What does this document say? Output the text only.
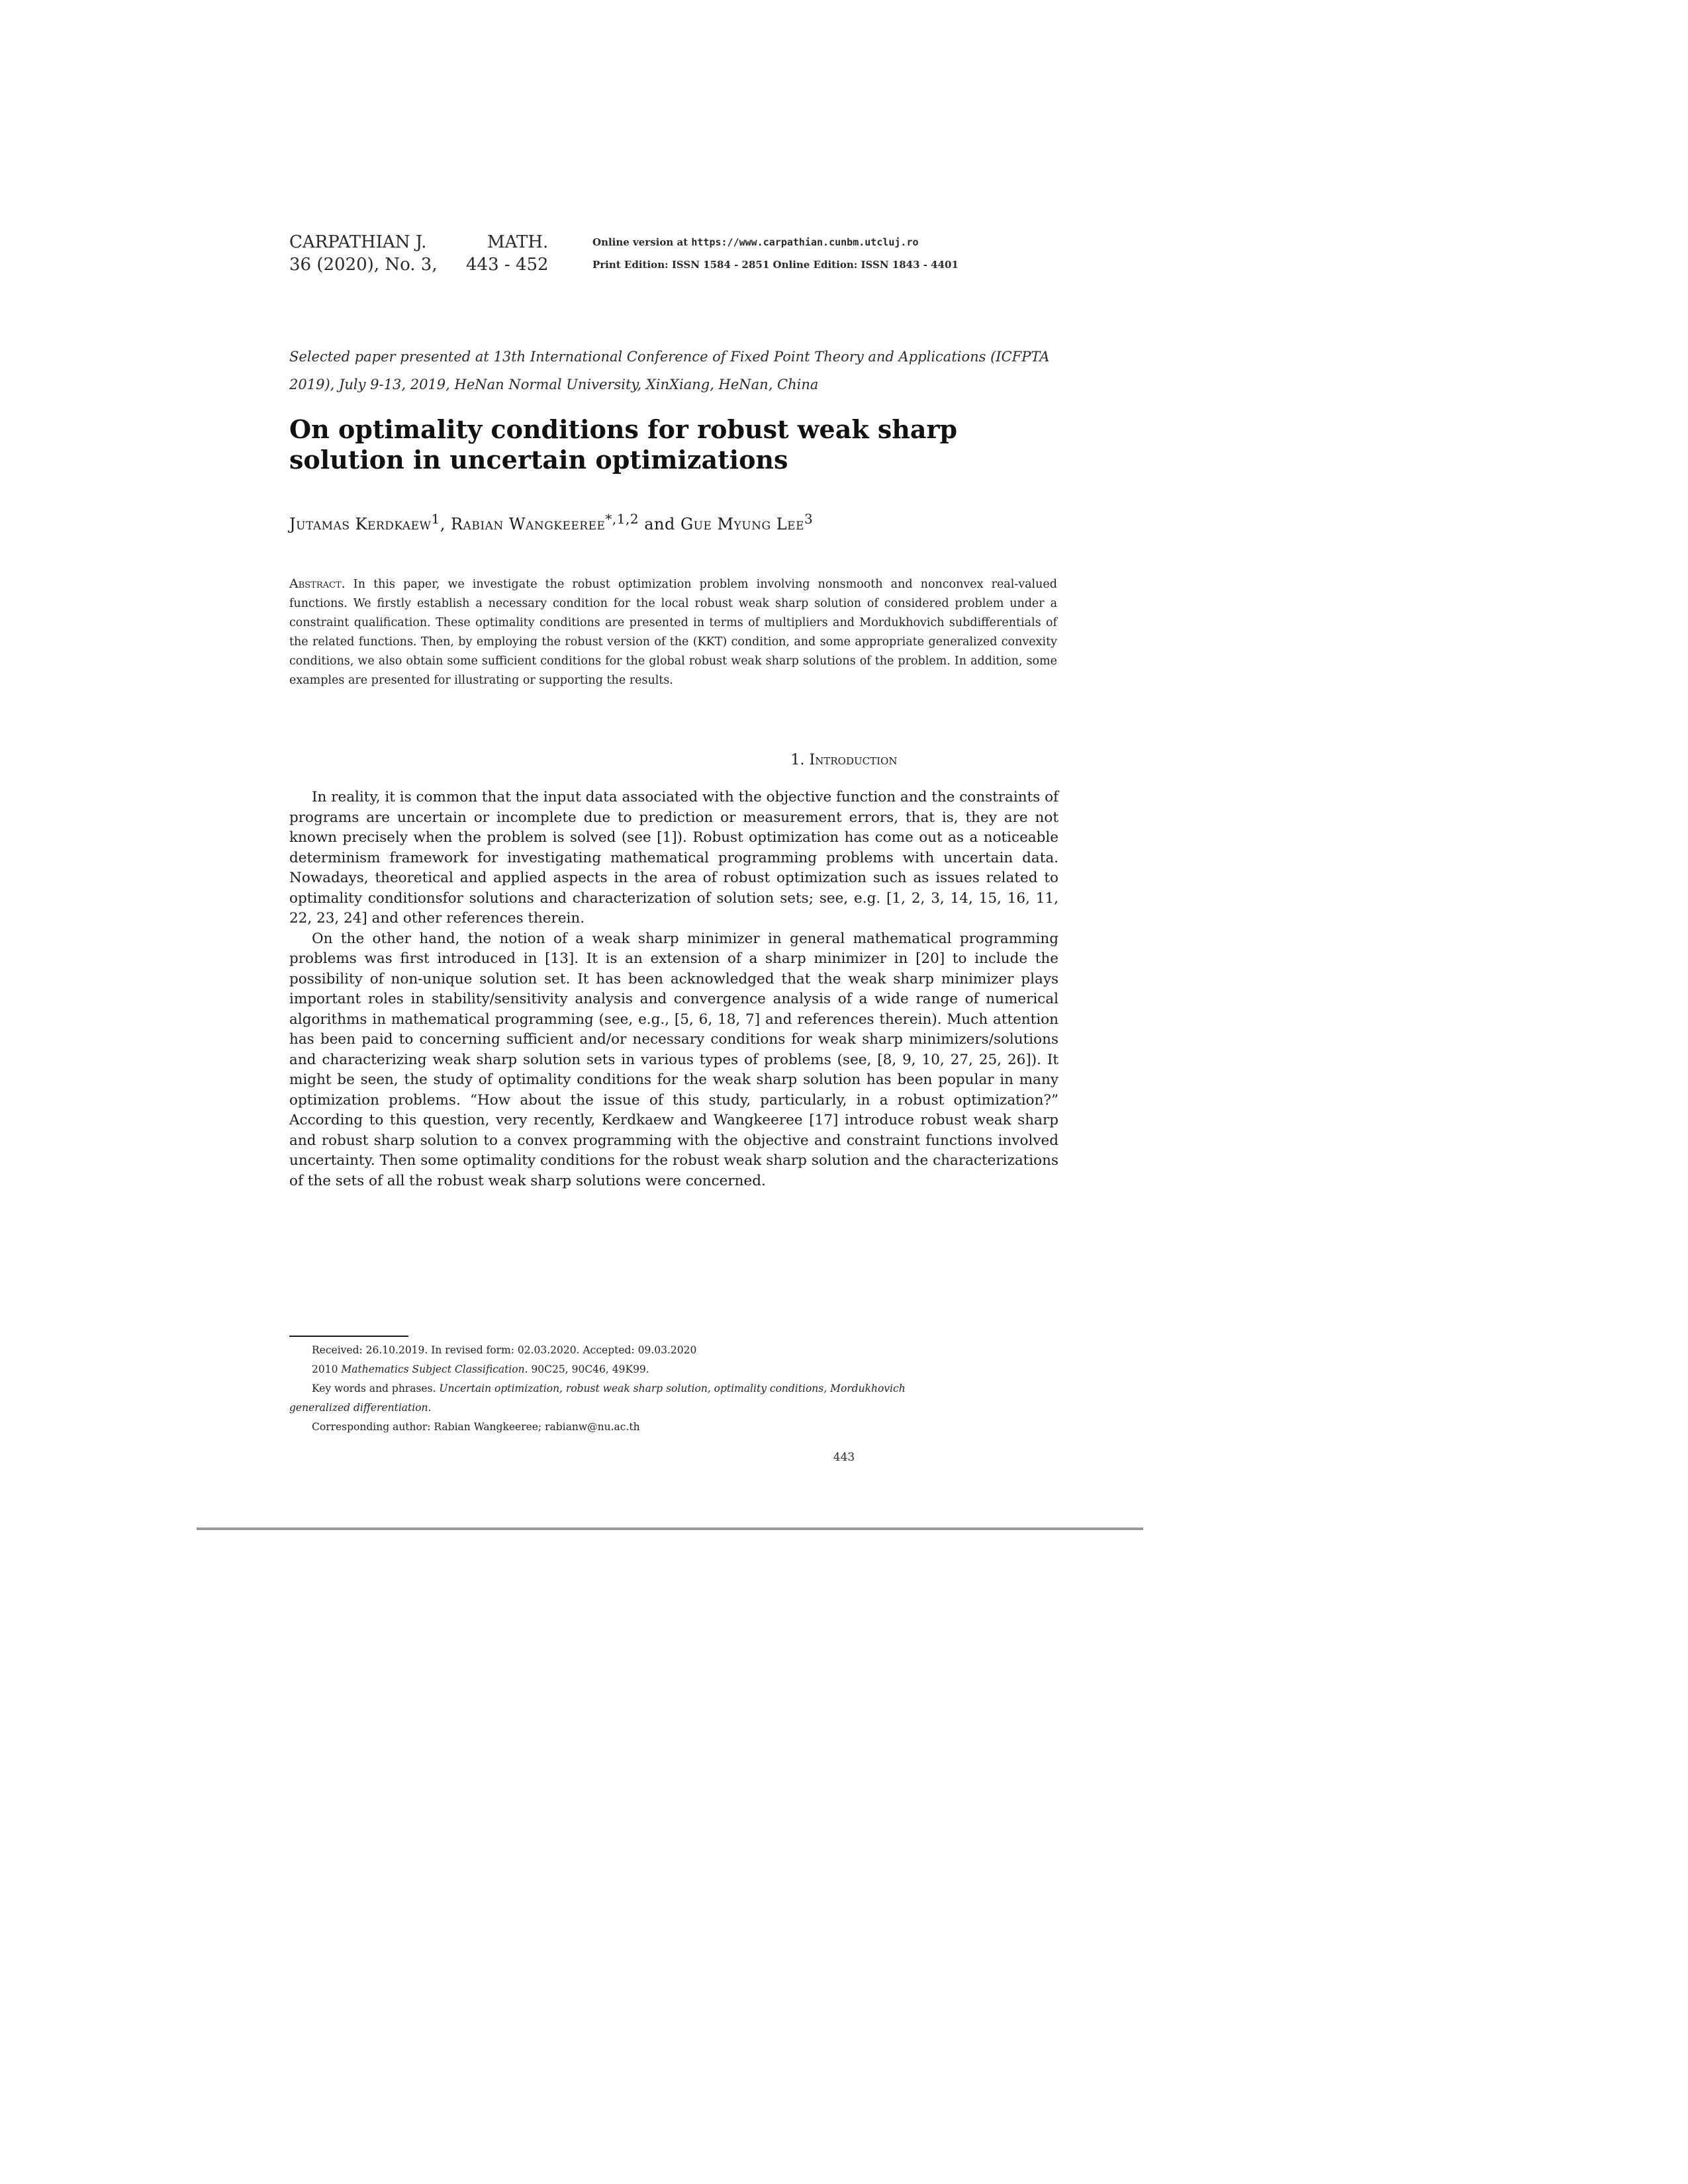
CARPATHIAN J.
36 (2020), No. 3,
MATH.
443 - 452
Online version at https://www.carpathian.cunbm.utcluj.ro
Print Edition: ISSN 1584 - 2851 Online Edition: ISSN 1843 - 4401
Selected paper presented at 13th International Conference of Fixed Point Theory and Applications (ICFPTA 2019), July 9-13, 2019, HeNan Normal University, XinXiang, HeNan, China
On optimality conditions for robust weak sharp solution in uncertain optimizations
Jutamas Kerdkaew$^1$, Rabian Wangkeeree$^{*,1,2}$ and Gue Myung Lee$^3$
Abstract. In this paper, we investigate the robust optimization problem involving nonsmooth and nonconvex real-valued functions. We firstly establish a necessary condition for the local robust weak sharp solution of considered problem under a constraint qualification. These optimality conditions are presented in terms of multipliers and Mordukhovich subdifferentials of the related functions. Then, by employing the robust version of the (KKT) condition, and some appropriate generalized convexity conditions, we also obtain some sufficient conditions for the global robust weak sharp solutions of the problem. In addition, some examples are presented for illustrating or supporting the results.
1. Introduction

In reality, it is common that the input data associated with the objective function and the constraints of programs are uncertain or incomplete due to prediction or measurement errors, that is, they are not known precisely when the problem is solved (see [1]). Robust optimization has come out as a noticeable determinism framework for investigating mathematical programming problems with uncertain data. Nowadays, theoretical and applied aspects in the area of robust optimization such as issues related to optimality conditionsfor solutions and characterization of solution sets; see, e.g. [1, 2, 3, 14, 15, 16, 11, 22, 23, 24] and other references therein.

On the other hand, the notion of a weak sharp minimizer in general mathematical programming problems was first introduced in [13]. It is an extension of a sharp minimizer in [20] to include the possibility of non-unique solution set. It has been acknowledged that the weak sharp minimizer plays important roles in stability/sensitivity analysis and convergence analysis of a wide range of numerical algorithms in mathematical programming (see, e.g., [5, 6, 18, 7] and references therein). Much attention has been paid to concerning sufficient and/or necessary conditions for weak sharp minimizers/solutions and characterizing weak sharp solution sets in various types of problems (see, [8, 9, 10, 27, 25, 26]). It might be seen, the study of optimality conditions for the weak sharp solution has been popular in many optimization problems. “How about the issue of this study, particularly, in a robust optimization?” According to this question, very recently, Kerdkaew and Wangkeeree [17] introduce robust weak sharp and robust sharp solution to a convex programming with the objective and constraint functions involved uncertainty. Then some optimality conditions for the robust weak sharp solution and the characterizations of the sets of all the robust weak sharp solutions were concerned.

Received: 26.10.2019. In revised form: 02.03.2020. Accepted: 09.03.2020
2010 Mathematics Subject Classification. 90C25, 90C46, 49K99.
Key words and phrases. Uncertain optimization, robust weak sharp solution, optimality conditions, Mordukhovich
generalized differentiation.
Corresponding author: Rabian Wangkeeree; rabianw@nu.ac.th
443
